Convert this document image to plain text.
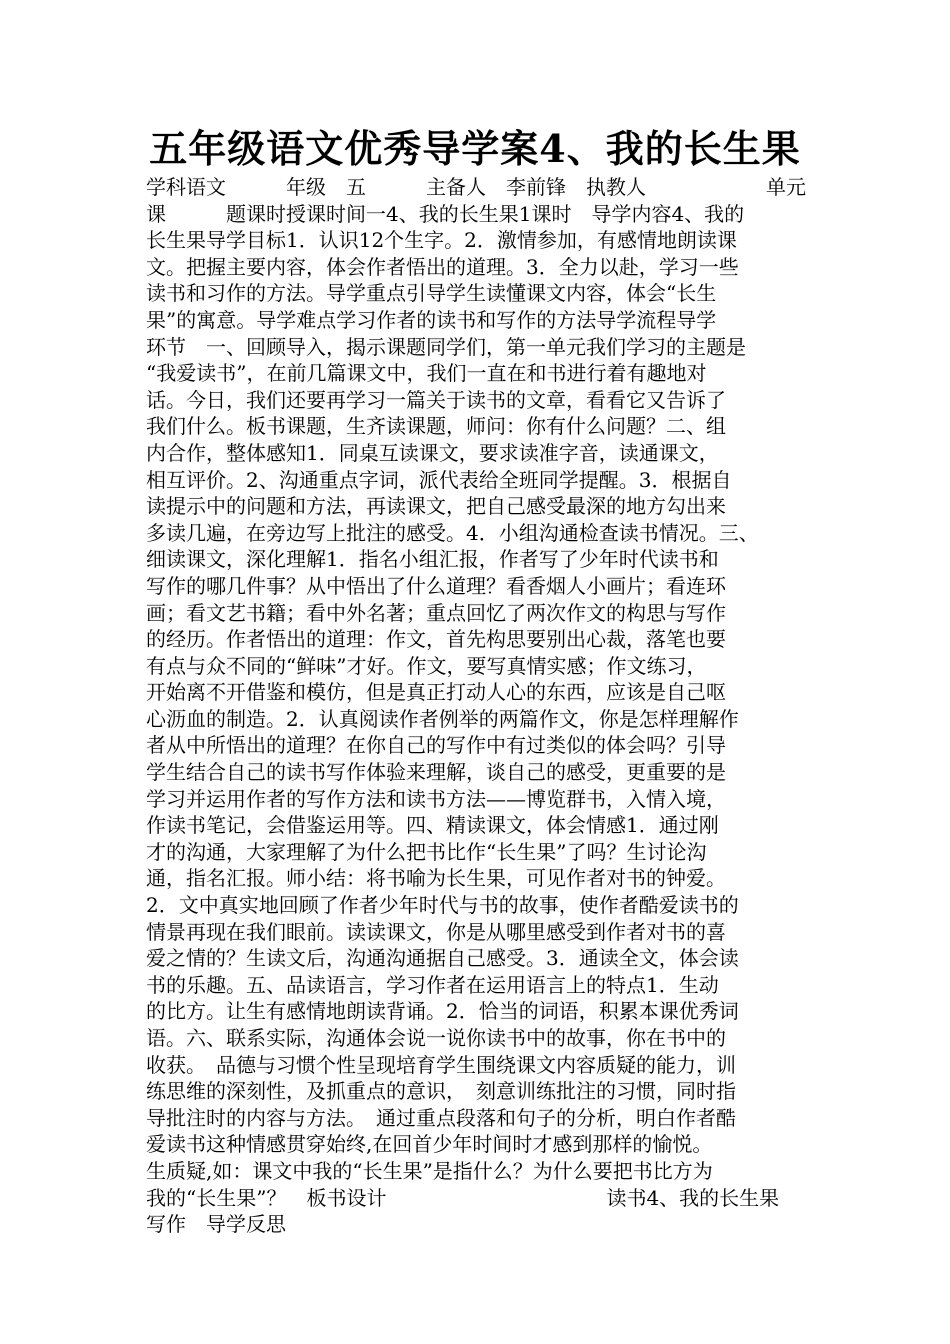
五年级语文优秀导学案4、我的长生果
学科语文　　　年级　五　　　主备人　李前锋　执教人　　　　　　单元
课　　　题课时授课时间一4、我的长生果1课时　导学内容4、我的
长生果导学目标1．认识12个生字。2．激情参加，有感情地朗读课
文。把握主要内容，体会作者悟出的道理。3．全力以赴，学习一些
读书和习作的方法。导学重点引导学生读懂课文内容，体会“长生
果”的寓意。导学难点学习作者的读书和写作的方法导学流程导学
环节　一、回顾导入，揭示课题同学们，第一单元我们学习的主题是
“我爱读书”，在前几篇课文中，我们一直在和书进行着有趣地对
话。今日，我们还要再学习一篇关于读书的文章，看看它又告诉了
我们什么。板书课题，生齐读课题，师问：你有什么问题？二、组
内合作，整体感知1．同桌互读课文，要求读准字音，读通课文，
相互评价。2、沟通重点字词，派代表给全班同学提醒。3．根据自
读提示中的问题和方法，再读课文，把自己感受最深的地方勾出来
多读几遍，在旁边写上批注的感受。4．小组沟通检查读书情况。三、
细读课文，深化理解1．指名小组汇报，作者写了少年时代读书和
写作的哪几件事？从中悟出了什么道理？看香烟人小画片；看连环
画；看文艺书籍；看中外名著；重点回忆了两次作文的构思与写作
的经历。作者悟出的道理：作文，首先构思要别出心裁，落笔也要
有点与众不同的“鲜味”才好。作文，要写真情实感；作文练习，
开始离不开借鉴和模仿，但是真正打动人心的东西，应该是自己呕
心沥血的制造。2．认真阅读作者例举的两篇作文，你是怎样理解作
者从中所悟出的道理？在你自己的写作中有过类似的体会吗？引导
学生结合自己的读书写作体验来理解，谈自己的感受，更重要的是
学习并运用作者的写作方法和读书方法——博览群书，入情入境，
作读书笔记，会借鉴运用等。四、精读课文，体会情感1．通过刚
才的沟通，大家理解了为什么把书比作“长生果”了吗？生讨论沟
通，指名汇报。师小结：将书喻为长生果，可见作者对书的钟爱。
2．文中真实地回顾了作者少年时代与书的故事，使作者酷爱读书的
情景再现在我们眼前。读读课文，你是从哪里感受到作者对书的喜
爱之情的？生读文后，沟通沟通据自己感受。3．通读全文，体会读
书的乐趣。五、品读语言，学习作者在运用语言上的特点1．生动
的比方。让生有感情地朗读背诵。2．恰当的词语，积累本课优秀词
语。六、联系实际，沟通体会说一说你读书中的故事，你在书中的
收获。　品德与习惯个性呈现培育学生围绕课文内容质疑的能力，训
练思维的深刻性，及抓重点的意识，　刻意训练批注的习惯，同时指
导批注时的内容与方法。　通过重点段落和句子的分析，明白作者酷
爱读书这种情感贯穿始终,在回首少年时间时才感到那样的愉悦。
生质疑,如：课文中我的“长生果”是指什么？为什么要把书比方为
我的“长生果”？　板书设计　　　　　　　　　　　读书4、我的长生果
写作　导学反思
